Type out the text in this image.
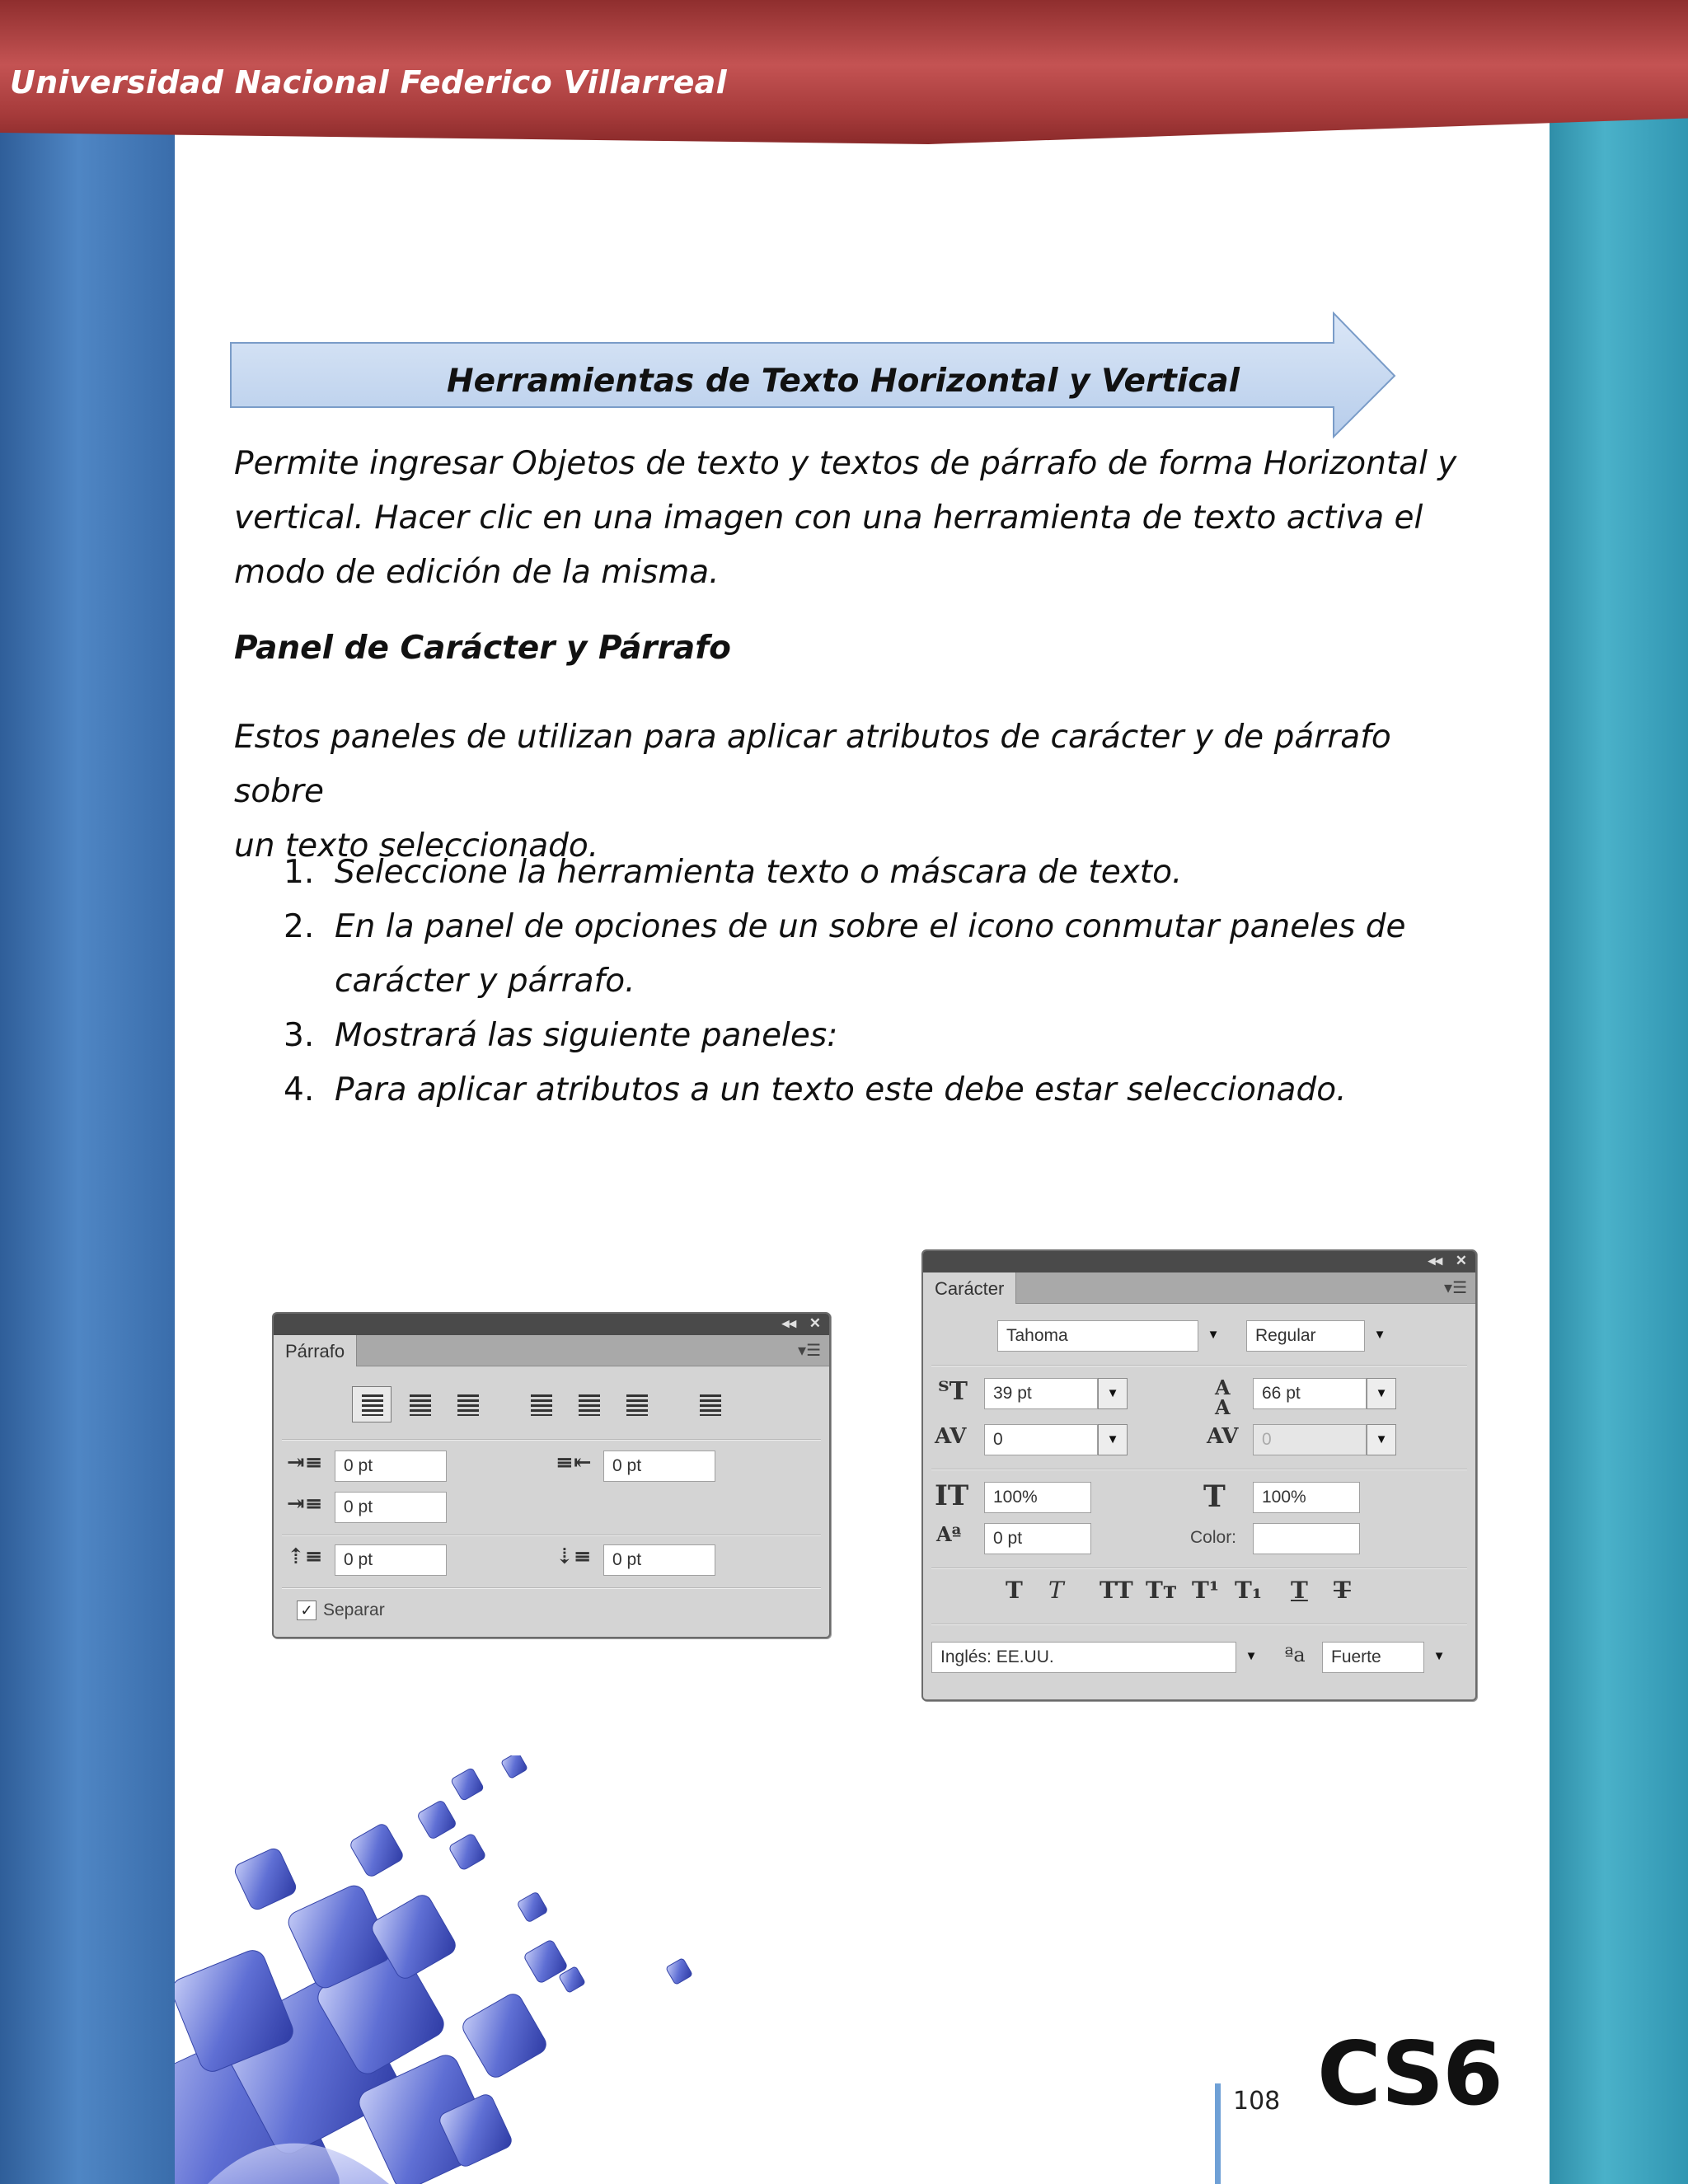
Universidad Nacional Federico Villarreal
Herramientas de Texto Horizontal y Vertical
Permite ingresar Objetos de texto y textos de párrafo de forma Horizontal y
vertical. Hacer clic en una imagen con una herramienta de texto activa el
modo de edición de la misma.
Panel de Carácter y Párrafo
Estos paneles de utilizan para aplicar atributos de carácter y de párrafo sobre
un texto seleccionado.
1. Seleccione la herramienta texto o máscara de texto.
2. En la panel de opciones de un sobre el icono conmutar paneles de
carácter y párrafo.
3. Mostrará las siguiente paneles:
4. Para aplicar atributos a un texto este debe estar seleccionado.
◂◂ ✕
Párrafo	▾☰
⇥≡	0 pt	≡⇤	0 pt
⇥≡	0 pt
⇡≡	0 pt	⇣≡	0 pt
✓ Separar
◂◂ ✕
Carácter	▾☰
Tahoma	▼	Regular	▼
ᵀT	39 pt	▼	A
A
66 pt	▼
AV	0	▼	AV	0	▼
IT	100%	T	100%
Aª	0 pt	Color:
T T TT Tт T¹ T₁ T T
Inglés: EE.UU.	▼	ªa	Fuerte	▼
108 CS6
